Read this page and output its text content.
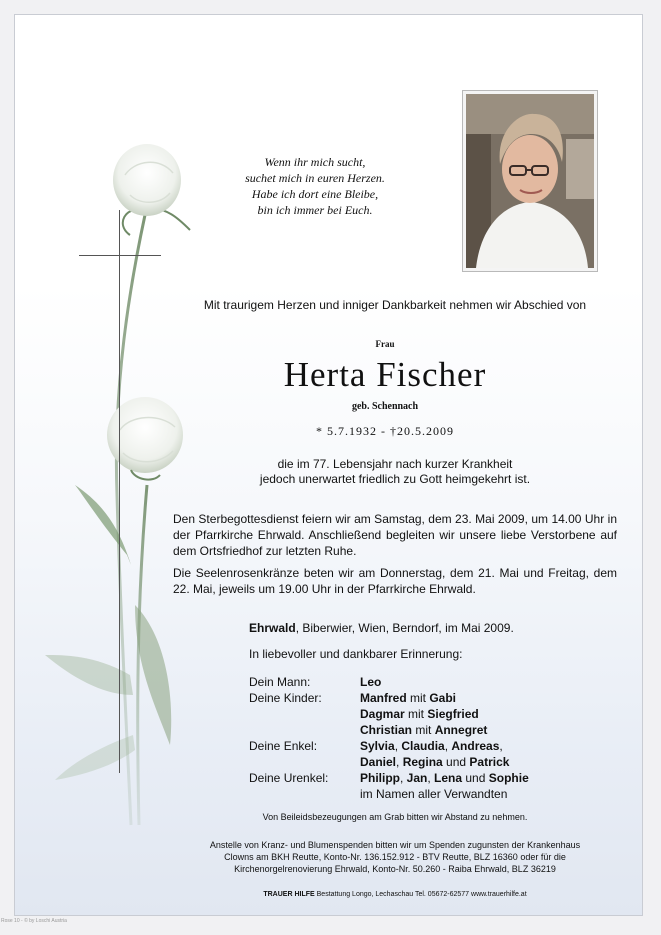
Wenn ihr mich sucht,
suchet mich in euren Herzen.
Habe ich dort eine Bleibe,
bin ich immer bei Euch.
Mit traurigem Herzen und inniger Dankbarkeit nehmen wir Abschied von
Frau
Herta Fischer
geb. Schennach
* 5.7.1932 - †20.5.2009
die im 77. Lebensjahr nach kurzer Krankheit
jedoch unerwartet friedlich zu Gott heimgekehrt ist.
Den Sterbegottesdienst feiern wir am Samstag, dem 23. Mai 2009, um 14.00 Uhr in der Pfarrkirche Ehrwald. Anschließend begleiten wir unsere liebe Verstorbene auf dem Ortsfriedhof zur letzten Ruhe.
Die Seelenrosenkränze beten wir am Donnerstag, dem 21. Mai und Freitag, dem 22. Mai, jeweils um 19.00 Uhr in der Pfarrkirche Ehrwald.
Ehrwald, Biberwier, Wien, Berndorf, im Mai 2009.
In liebevoller und dankbarer Erinnerung:
Dein Mann:	Leo
Deine Kinder:	Manfred mit Gabi
Dagmar mit Siegfried
Christian mit Annegret
Deine Enkel:	Sylvia, Claudia, Andreas,
Daniel, Regina und Patrick
Deine Urenkel:	Philipp, Jan, Lena und Sophie
im Namen aller Verwandten
Von Beileidsbezeugungen am Grab bitten wir Abstand zu nehmen.
Anstelle von Kranz- und Blumenspenden bitten wir um Spenden zugunsten der Krankenhaus
Clowns am BKH Reutte, Konto-Nr. 136.152.912 - BTV Reutte, BLZ 16360 oder für die
Kirchenorgelrenovierung Ehrwald, Konto-Nr. 50.260 - Raiba Ehrwald, BLZ 36219
TRAUER HILFE Bestattung Longo, Lechaschau Tel. 05672-62577 www.trauerhilfe.at
Rose 10 - © by Loschi Austria
